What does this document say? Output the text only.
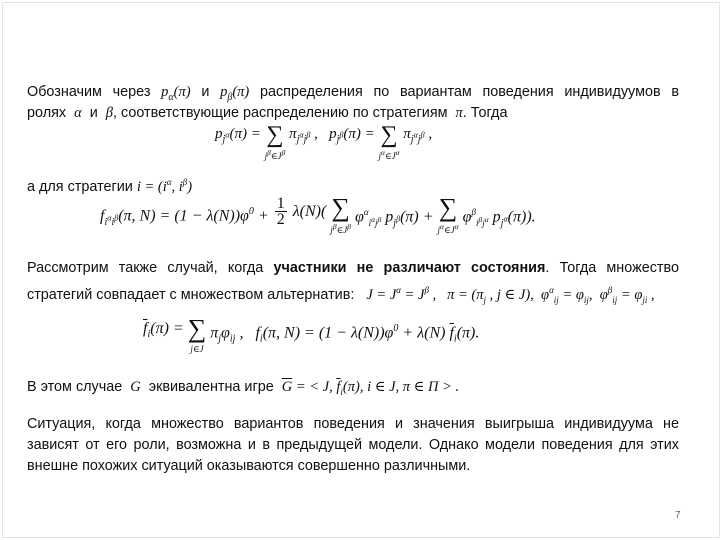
Обозначим через $p_\alpha(\pi)$ и $p_\beta(\pi)$ распределения по вариантам поведения индивидуумов в
ролях α и β, соответствующие распределению по стратегиям π. Тогда
$p_{j^\alpha}(\pi)$ = ∑
$j^\beta\in J^\beta$ $\pi_{j^\alpha j^\beta}$ ,   $p_{j^\beta}(\pi)$ = ∑
$j^\alpha\in J^\alpha$ $\pi_{j^\alpha j^\beta}$ ,
а для стратегии $i = (i^\alpha$, $i^\beta$)
$f_{i^\alpha i^\beta}(\pi$, $N) = (1 - \lambda(N))\varphi^0 + 1$

2 λ(N)( ∑
$j^\beta\in J^\beta$ $\varphi^\alpha_{i^\alpha j^\beta}$ $p_{j^\beta}(\pi)$ + ∑
$j^\alpha\in J^\alpha$ $\varphi^\beta_{i^\beta j^\alpha}$ $p_{j^\alpha}(\pi)$).
Рассмотрим также случай, когда участники не различают состояния. Тогда множество
стратегий совпадает с множеством альтернатив: $J = J^\alpha = J^\beta$ ,   $\pi = (\pi_j$ , j ∈ J),  $\varphi^\alpha_{ij} = \varphi_{ij}$,  $\varphi^\beta_{ij} = \varphi_{ji}$ ,
$\overline{f}_i(\pi)$ = ∑
j∈J $\pi_j\varphi_{ij}$ ,   $f_i(\pi$, $N) = (1 - \lambda(N))\varphi^0 + \lambda(N)$ $\overline{f}_i(\pi)$.
В этом случае G эквивалентна игре $\overline{G}$ = < J, $\overline{f}_i(\pi)$, i ∈ J, π ∈ Π > .
Ситуация, когда множество вариантов поведения и значения выигрыша индивидуума не
зависят от его роли, возможна и в предыдущей модели. Однако модели поведения для этих
внешне похожих ситуаций оказываются совершенно различными.
7
